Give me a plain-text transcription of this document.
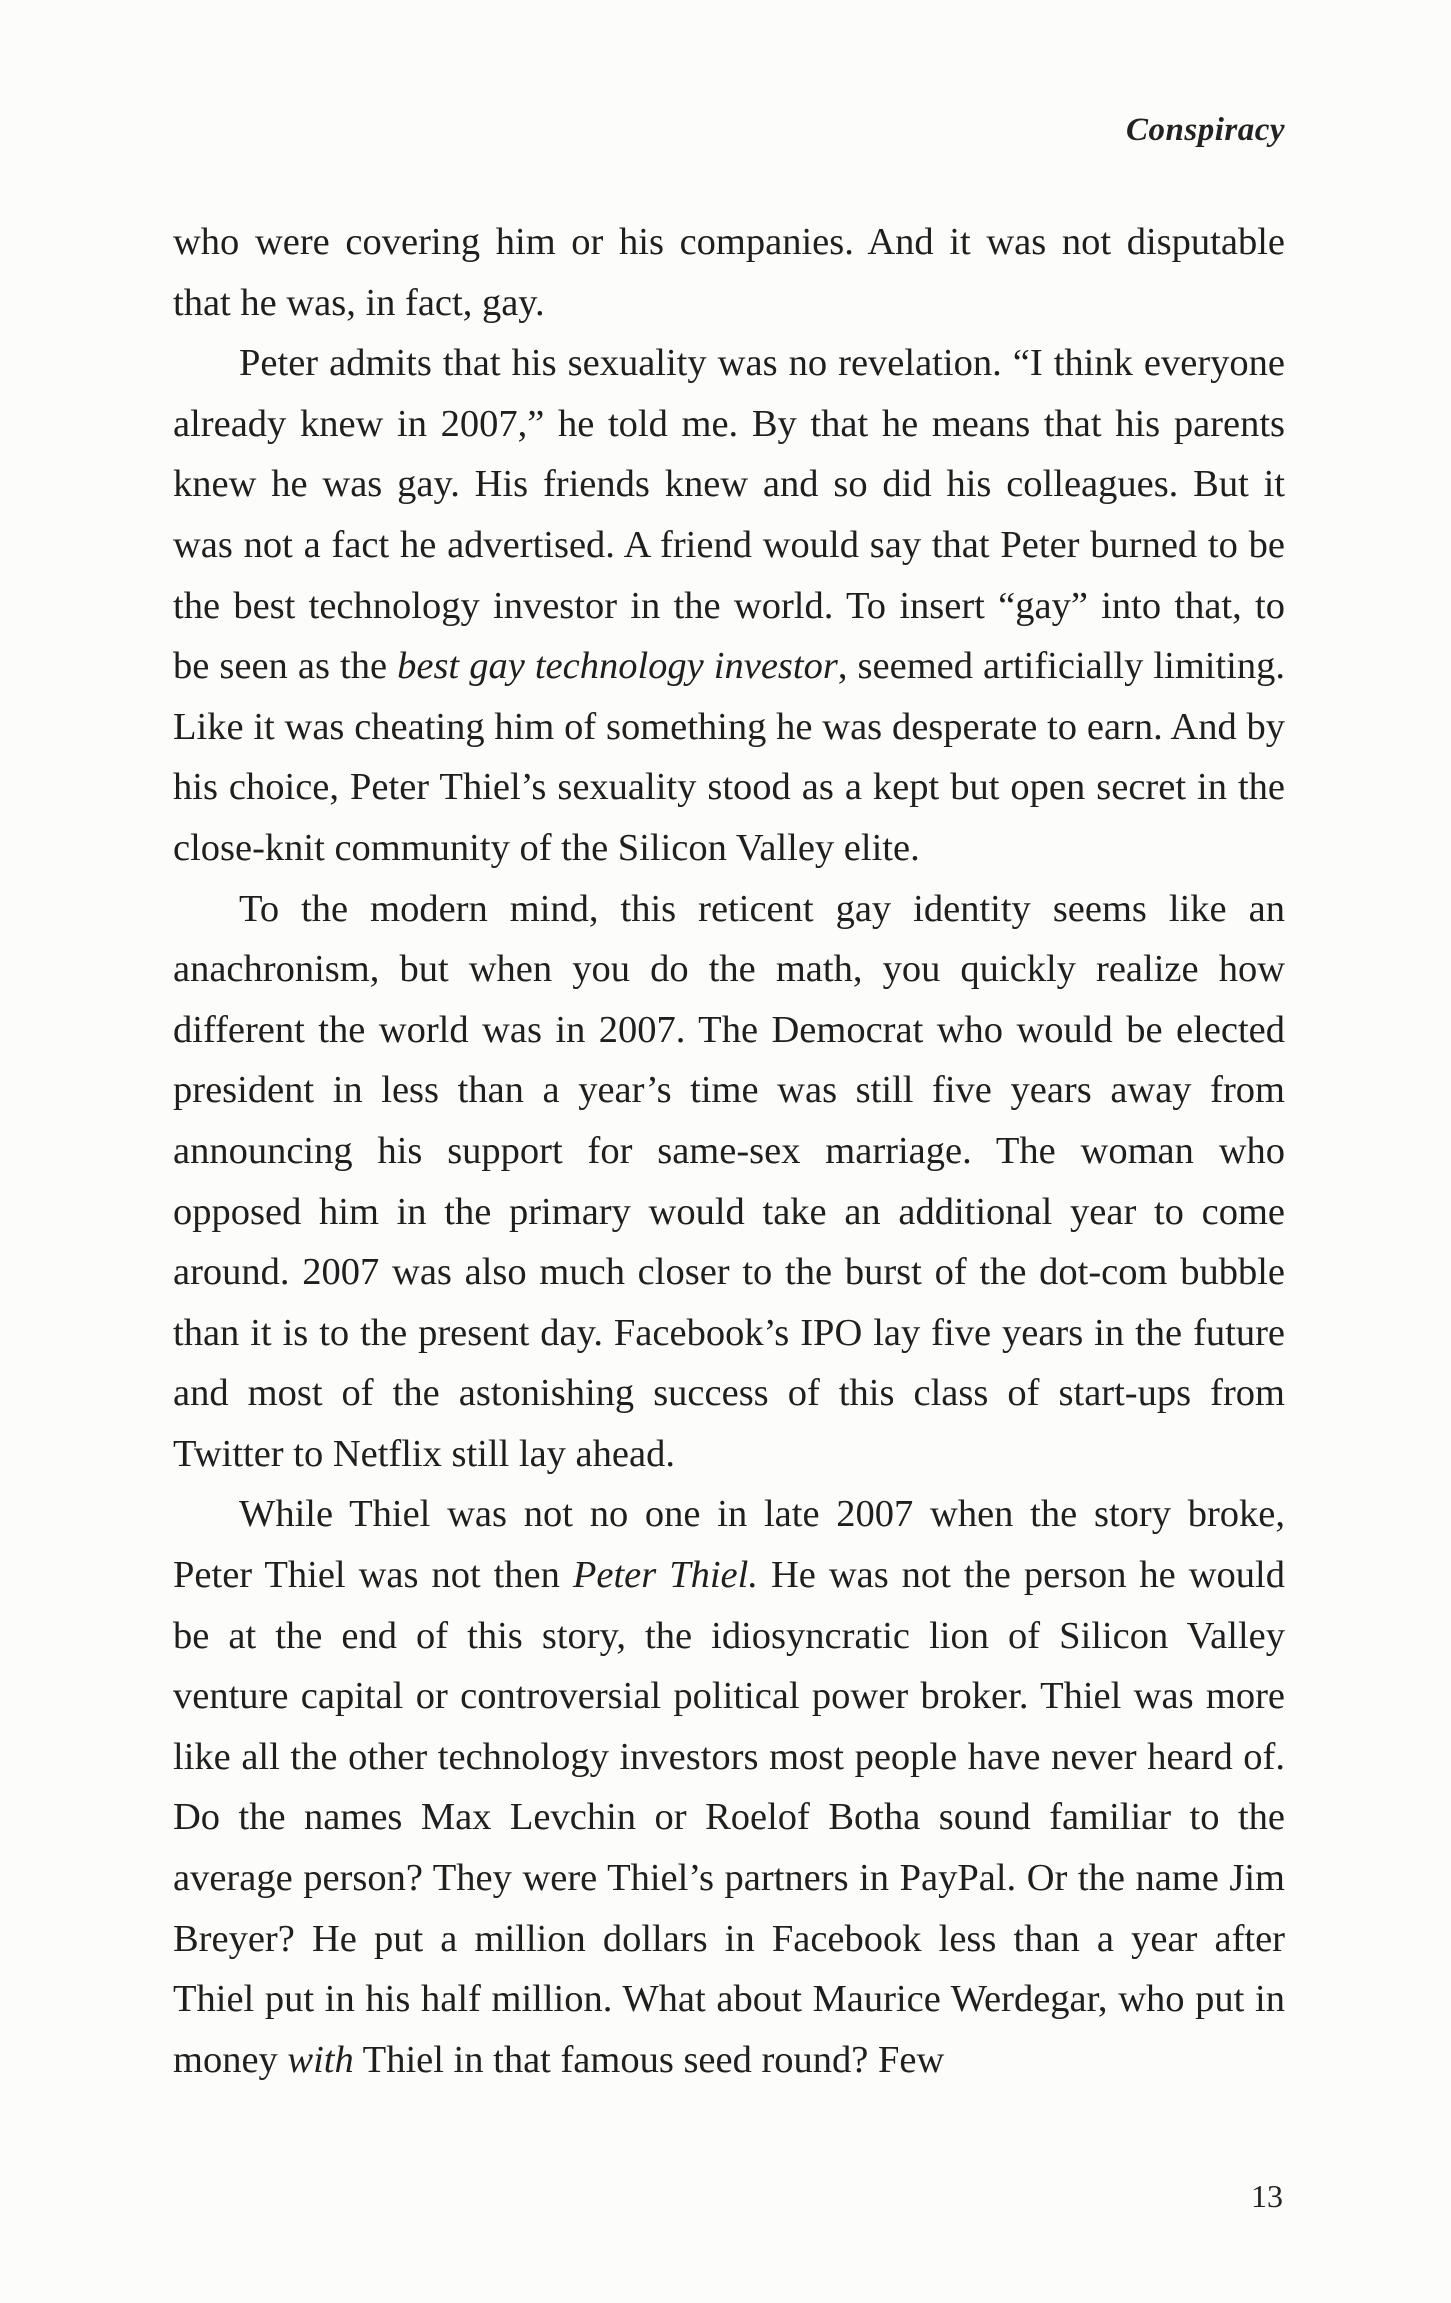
Conspiracy

who were covering him or his companies. And it was not disputable that he was, in fact, gay.

Peter admits that his sexuality was no revelation. “I think everyone already knew in 2007,” he told me. By that he means that his parents knew he was gay. His friends knew and so did his colleagues. But it was not a fact he advertised. A friend would say that Peter burned to be the best technology investor in the world. To insert “gay” into that, to be seen as the best gay technology investor, seemed artificially limiting. Like it was cheating him of something he was desperate to earn. And by his choice, Peter Thiel’s sexuality stood as a kept but open secret in the close-knit community of the Silicon Valley elite.

To the modern mind, this reticent gay identity seems like an anachronism, but when you do the math, you quickly realize how different the world was in 2007. The Democrat who would be elected president in less than a year’s time was still five years away from announcing his support for same-sex marriage. The woman who opposed him in the primary would take an additional year to come around. 2007 was also much closer to the burst of the dot-com bubble than it is to the present day. Facebook’s IPO lay five years in the future and most of the astonishing success of this class of start-ups from Twitter to Netflix still lay ahead.

While Thiel was not no one in late 2007 when the story broke, Peter Thiel was not then Peter Thiel. He was not the person he would be at the end of this story, the idiosyncratic lion of Silicon Valley venture capital or controversial political power broker. Thiel was more like all the other technology investors most people have never heard of. Do the names Max Levchin or Roelof Botha sound familiar to the average person? They were Thiel’s partners in PayPal. Or the name Jim Breyer? He put a million dollars in Facebook less than a year after Thiel put in his half million. What about Maurice Werdegar, who put in money with Thiel in that famous seed round? Few

13
